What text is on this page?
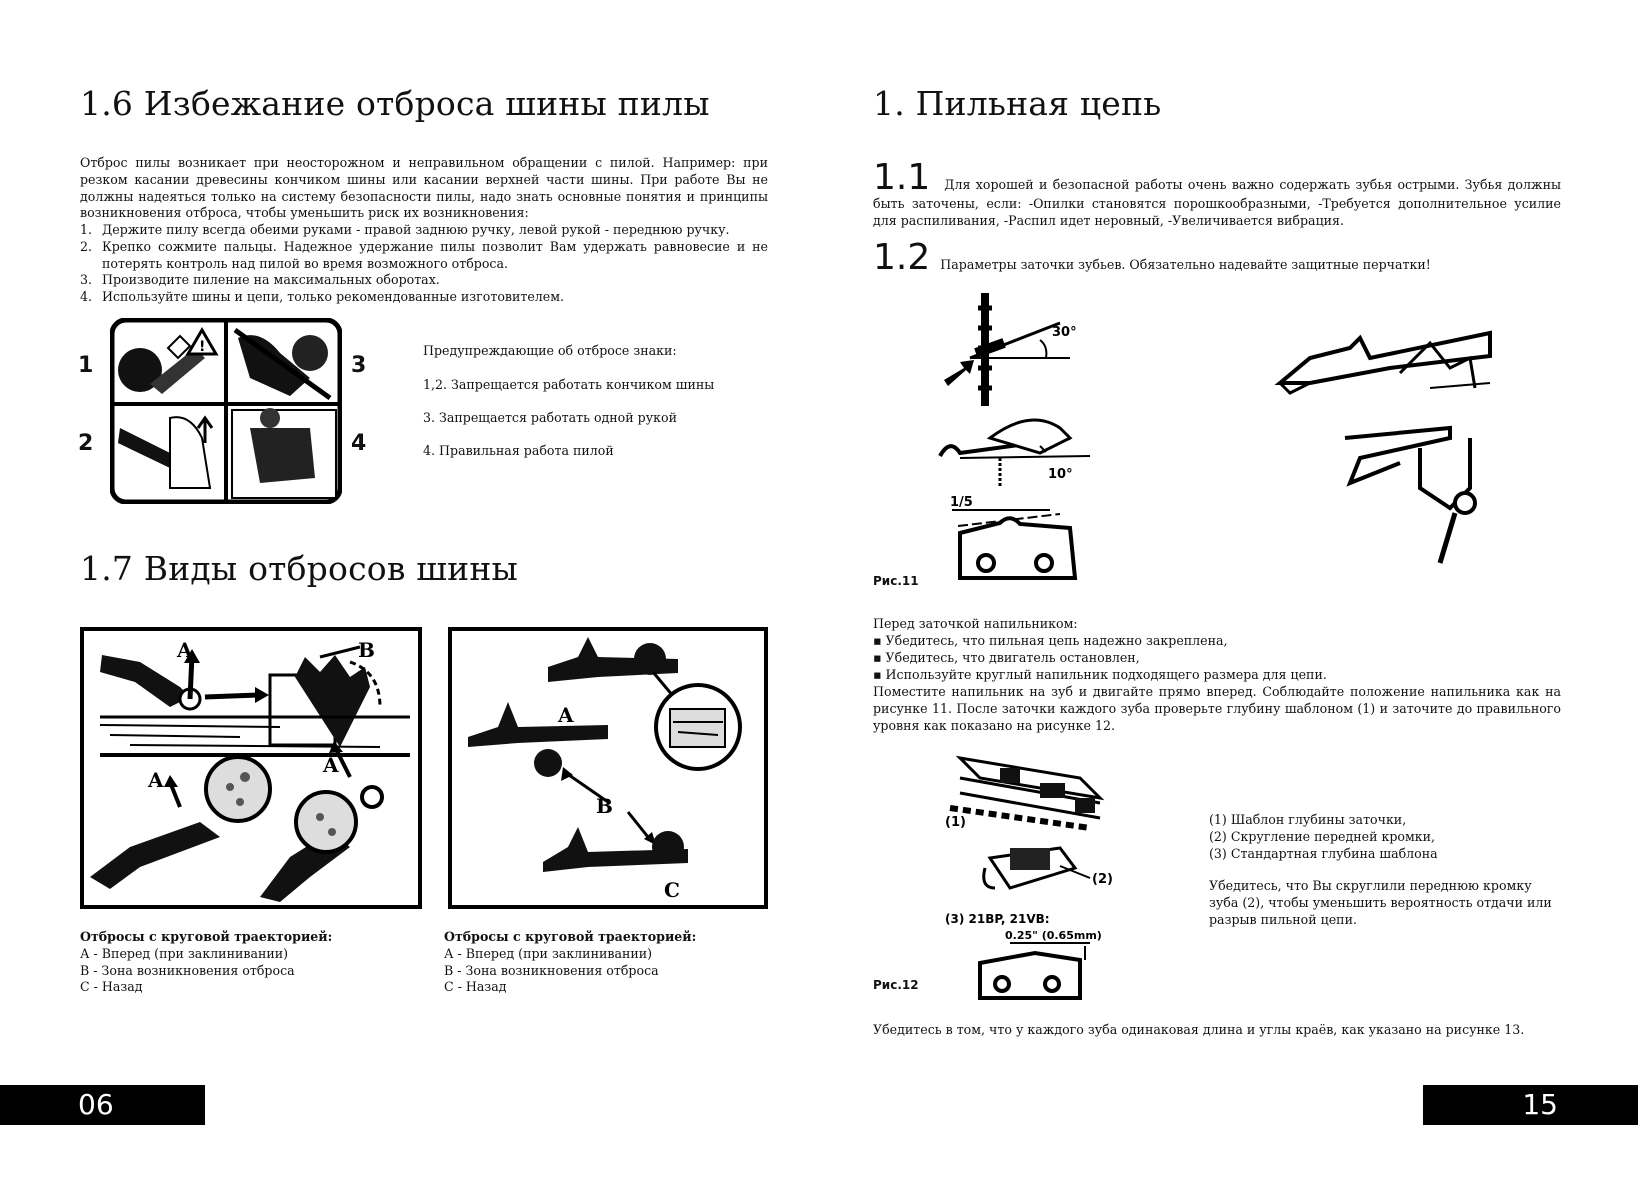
1.6 Избежание отброса шины пилы
Отброс пилы возникает при неосторожном и неправильном обращении с пилой. Например: при резком касании древесины кончиком шины или касании верхней части шины. При работе Вы не должны надеяться только на систему безопасности пилы, надо знать основные понятия и принципы возникновения отброса, чтобы уменьшить риск их возникновения:
1. Держите пилу всегда обеими руками - правой заднюю ручку, левой рукой - переднюю ручку.
2. Крепко сожмите пальцы. Надежное удержание пилы позволит Вам удержать равновесие и не потерять контроль над пилой во время возможного отброса.
3. Производите пиление на максимальных оборотах.
4. Используйте шины и цепи, только рекомендованные изготовителем.
1
2
3
4
!	Предупреждающие об отбросе знаки:
1,2. Запрещается работать кончиком шины
3. Запрещается работать одной рукой
4. Правильная работа пилой
1.7 Виды отбросов шины
A	B
A
A
A
B
C
Отбросы с круговой траекторией:
А - Вперед (при заклинивании)
В - Зона возникновения отброса
С - Назад
Отбросы с круговой траекторией:
А - Вперед (при заклинивании)
В - Зона возникновения отброса
С - Назад
06
1. Пильная цепь
1.1 Для хорошей и безопасной работы очень важно содержать зубья острыми. Зубья должны быть заточены, если: -Опилки становятся порошкообразными, -Требуется дополнительное усилие для распиливания, -Распил идет неровный, -Увеличивается вибрация.
1.2 Параметры заточки зубьев. Обязательно надевайте защитные перчатки!
30°
10°
1/5
Рис.11
Перед заточкой напильником:
▪ Убедитесь, что пильная цепь надежно закреплена,
▪ Убедитесь, что двигатель остановлен,
▪ Используйте круглый напильник подходящего размера для цепи.
Поместите напильник на зуб и двигайте прямо вперед. Соблюдайте положение напильника как на рисунке 11. После заточки каждого зуба проверьте глубину шаблоном (1) и заточите до правильного уровня как показано на рисунке 12.
(1)
(2)
(3) 21BP, 21VB:
0.25" (0.65mm)
Рис.12
(1) Шаблон глубины заточки,
(2) Скругление передней кромки,
(3) Стандартная глубина шаблона
Убедитесь, что Вы скруглили переднюю кромку зуба (2), чтобы уменьшить вероятность отдачи или разрыв пильной цепи.
Убедитесь в том, что у каждого зуба одинаковая длина и углы краёв, как указано на рисунке 13.
15
